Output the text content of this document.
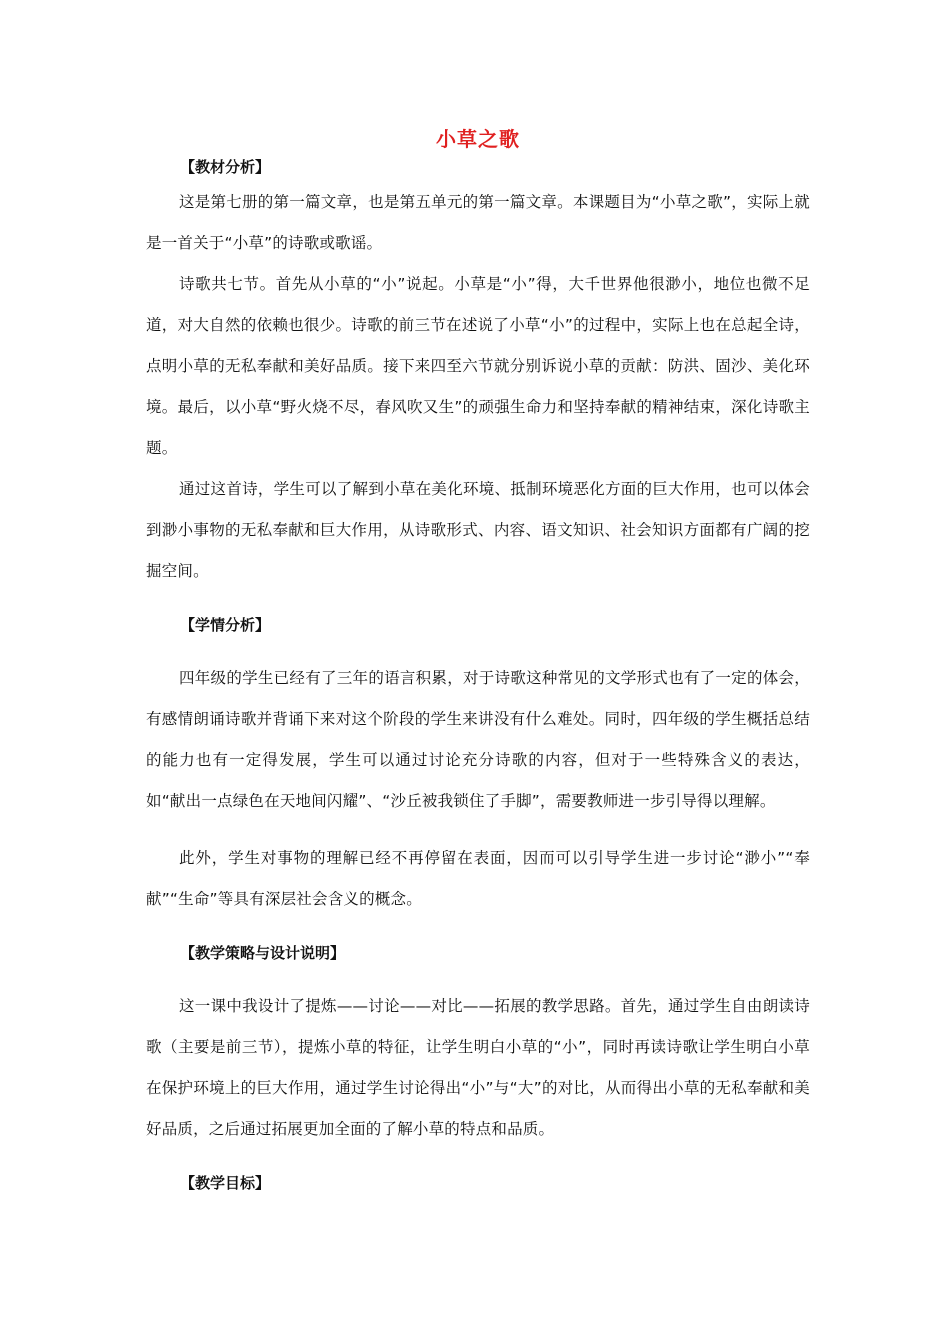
小草之歌
【教材分析】

这是第七册的第一篇文章，也是第五单元的第一篇文章。本课题目为“小草之歌”，实际上就是一首关于“小草”的诗歌或歌谣。

诗歌共七节。首先从小草的“小”说起。小草是“小”得，大千世界他很渺小，地位也微不足道，对大自然的依赖也很少。诗歌的前三节在述说了小草“小”的过程中，实际上也在总起全诗，点明小草的无私奉献和美好品质。接下来四至六节就分别诉说小草的贡献：防洪、固沙、美化环境。最后，以小草“野火烧不尽，春风吹又生”的顽强生命力和坚持奉献的精神结束，深化诗歌主题。

通过这首诗，学生可以了解到小草在美化环境、抵制环境恶化方面的巨大作用，也可以体会到渺小事物的无私奉献和巨大作用，从诗歌形式、内容、语文知识、社会知识方面都有广阔的挖掘空间。

【学情分析】

四年级的学生已经有了三年的语言积累，对于诗歌这种常见的文学形式也有了一定的体会，有感情朗诵诗歌并背诵下来对这个阶段的学生来讲没有什么难处。同时，四年级的学生概括总结的能力也有一定得发展，学生可以通过讨论充分诗歌的内容，但对于一些特殊含义的表达，如“献出一点绿色在天地间闪耀”、“沙丘被我锁住了手脚”，需要教师进一步引导得以理解。

此外，学生对事物的理解已经不再停留在表面，因而可以引导学生进一步讨论“渺小”“奉献”“生命”等具有深层社会含义的概念。

【教学策略与设计说明】

这一课中我设计了提炼——讨论——对比——拓展的教学思路。首先，通过学生自由朗读诗歌（主要是前三节），提炼小草的特征，让学生明白小草的“小”，同时再读诗歌让学生明白小草在保护环境上的巨大作用，通过学生讨论得出“小”与“大”的对比，从而得出小草的无私奉献和美好品质，之后通过拓展更加全面的了解小草的特点和品质。

【教学目标】
